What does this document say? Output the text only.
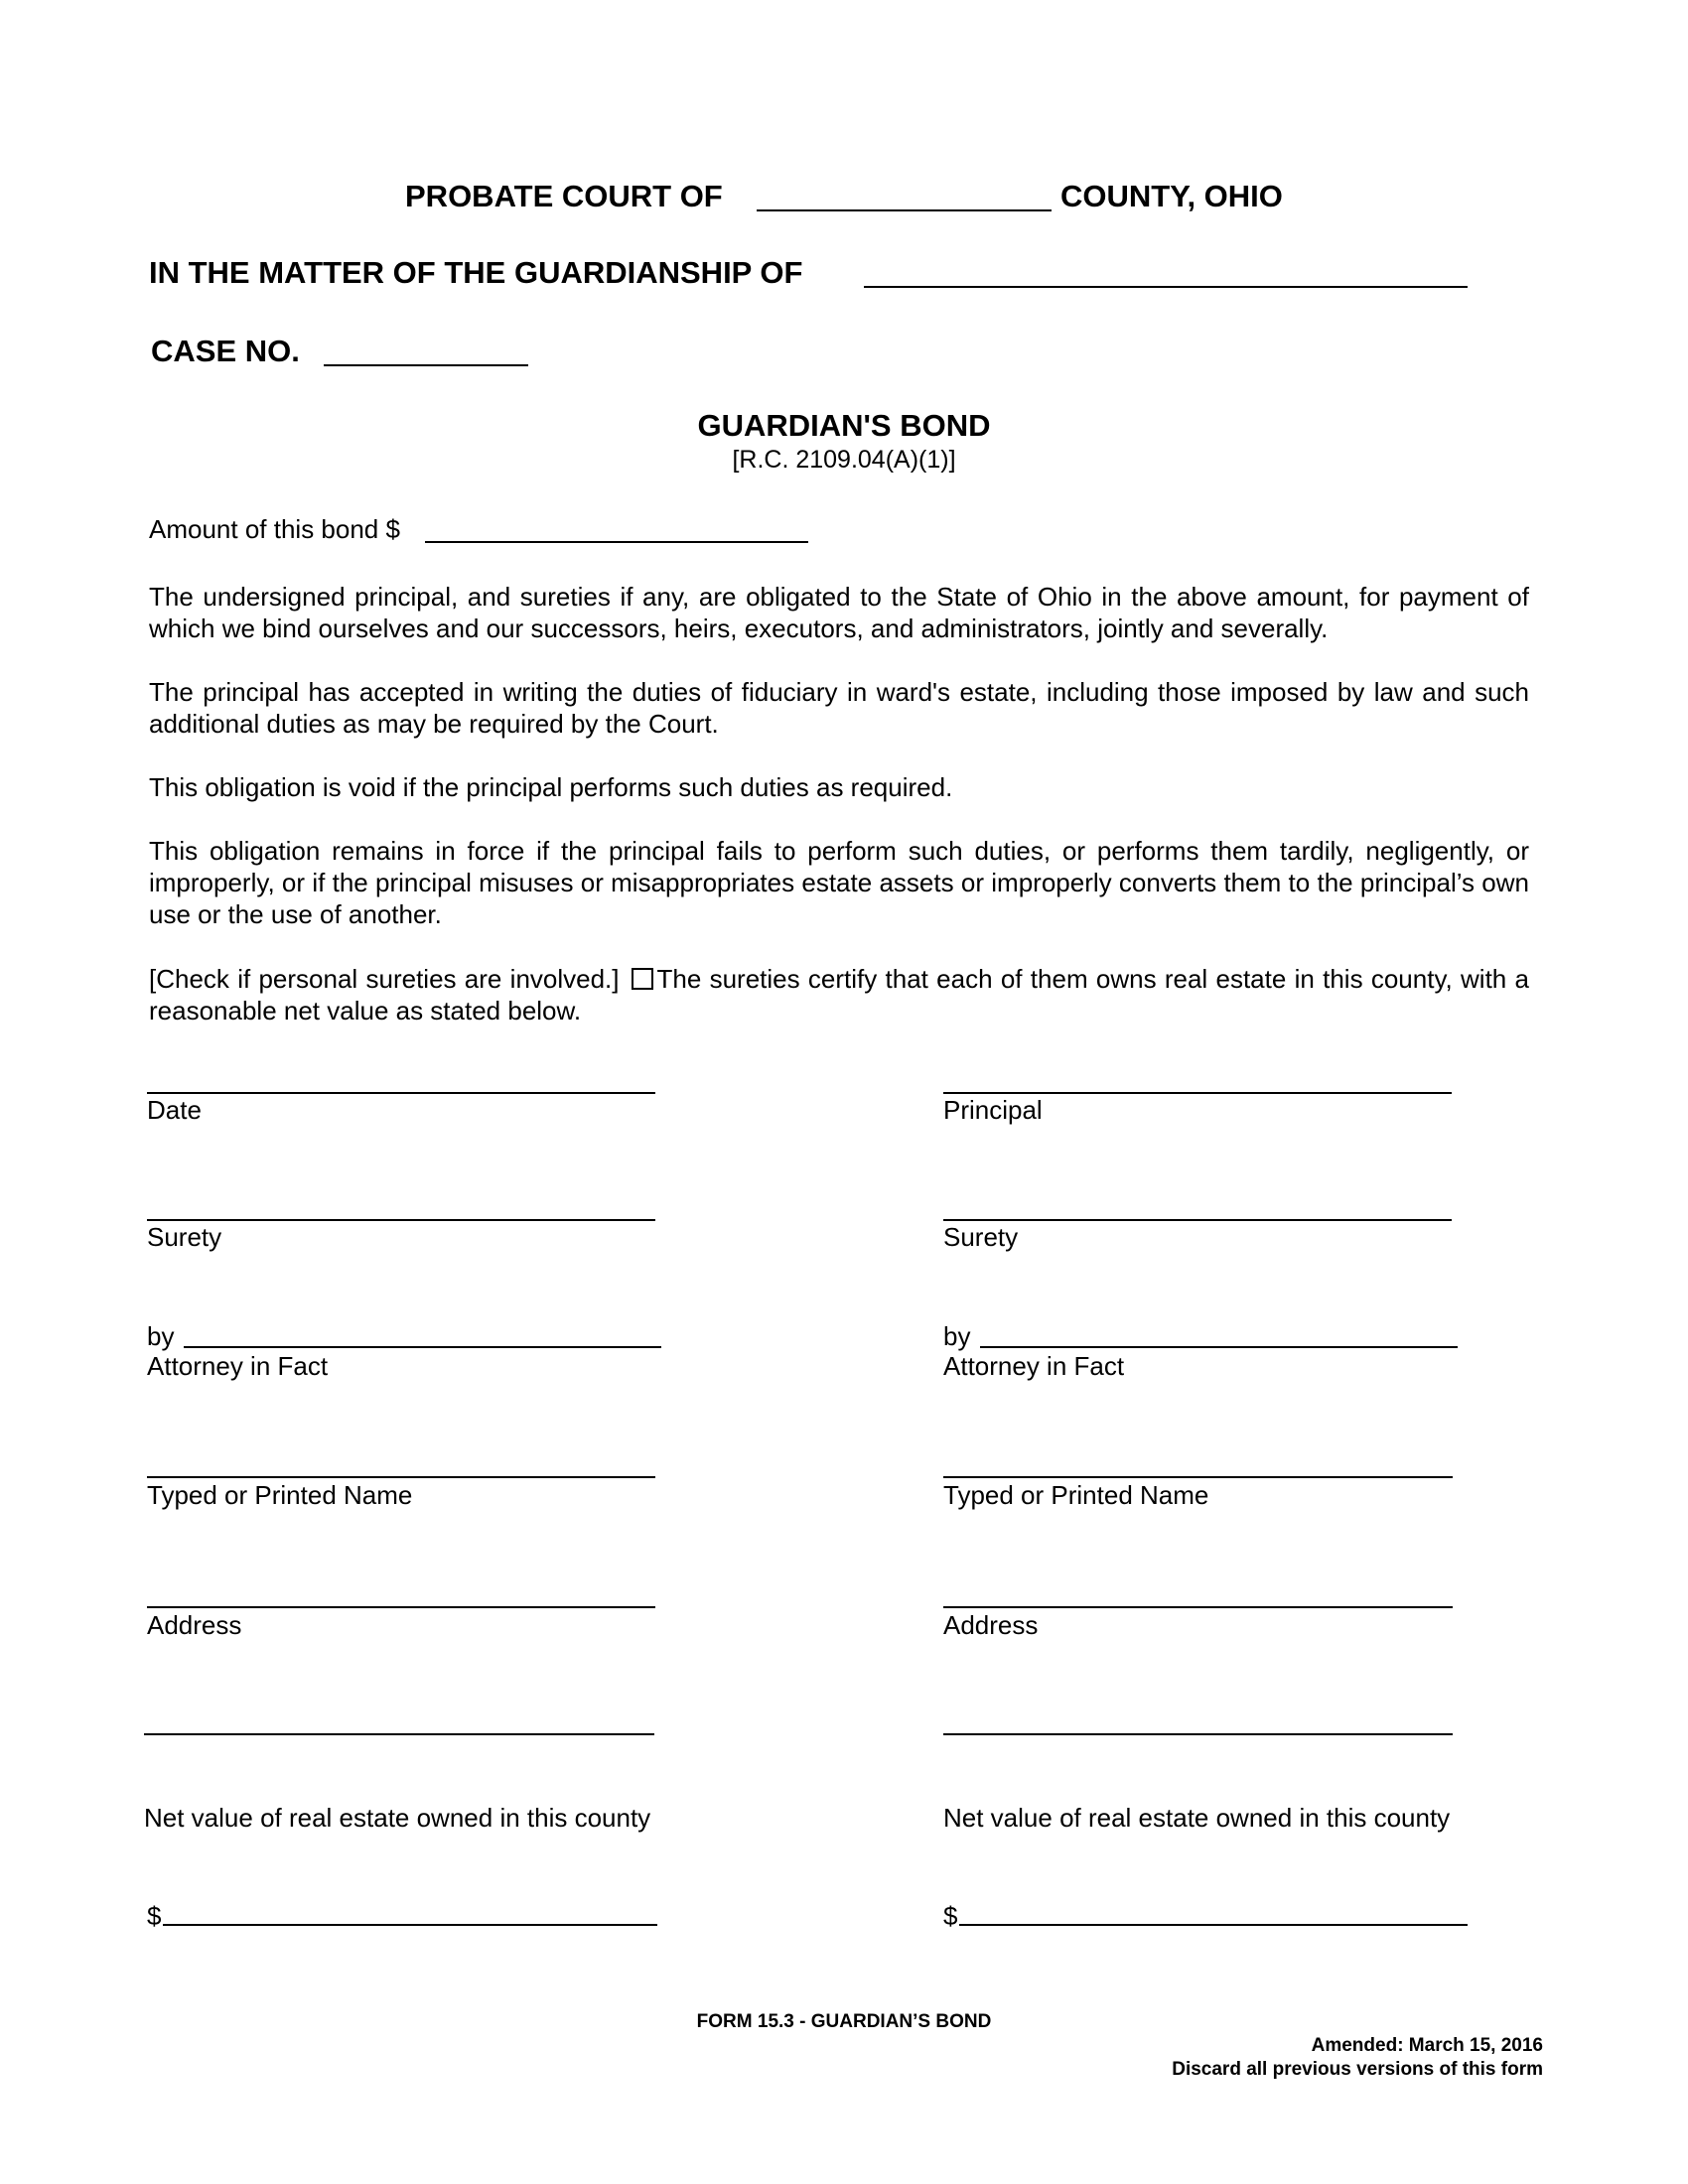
PROBATE COURT OF	COUNTY, OHIO
IN THE MATTER OF THE GUARDIANSHIP OF
CASE NO.
GUARDIAN'S BOND
[R.C. 2109.04(A)(1)]
Amount of this bond $
The undersigned principal, and sureties if any, are obligated to the State of Ohio in the above amount, for payment of which we bind ourselves and our successors, heirs, executors, and administrators, jointly and severally.
The principal has accepted in writing the duties of fiduciary in ward's estate, including those imposed by law and such additional duties as may be required by the Court.
This obligation is void if the principal performs such duties as required.
This obligation remains in force if the principal fails to perform such duties, or performs them tardily, negligently, or improperly, or if the principal misuses or misappropriates estate assets or improperly converts them to the principal’s own use or the use of another.
[Check if personal sureties are involved.] The sureties certify that each of them owns real estate in this county, with a reasonable net value as stated below.
Date
Surety
by
Attorney in Fact
Typed or Printed Name
Address
Net value of real estate owned in this county
$
Principal
Surety
by
Attorney in Fact
Typed or Printed Name
Address
Net value of real estate owned in this county
$
FORM 15.3 - GUARDIAN’S BOND
Amended: March 15, 2016
Discard all previous versions of this form
